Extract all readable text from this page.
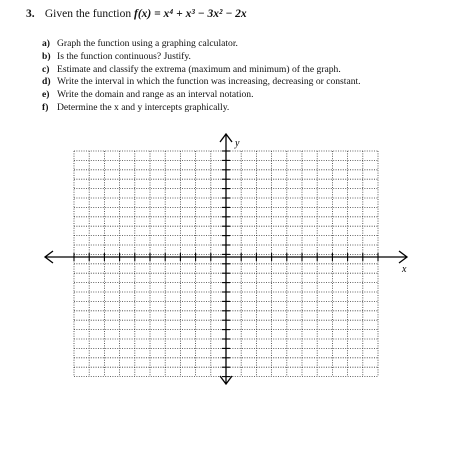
3. Given the function f(x) = x⁴ + x³ − 3x² − 2x
a) Graph the function using a graphing calculator.
b) Is the function continuous? Justify.
c) Estimate and classify the extrema (maximum and minimum) of the graph.
d) Write the interval in which the function was increasing, decreasing or constant.
e) Write the domain and range as an interval notation.
f) Determine the x and y intercepts graphically.
y
x
